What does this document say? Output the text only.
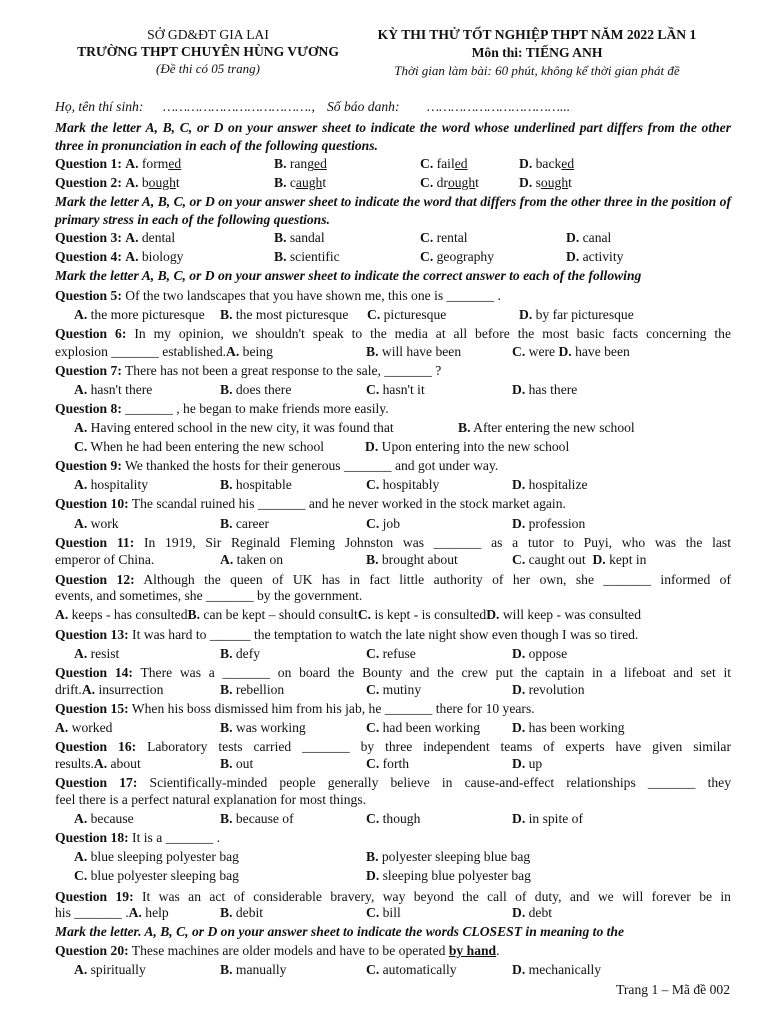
SỞ GD&ĐT GIA LAI
TRƯỜNG THPT CHUYÊN HÙNG VƯƠNG
(Đề thi có 05 trang)
KỲ THI THỬ TỐT NGHIỆP THPT NĂM 2022 LẦN 1
Môn thi: TIẾNG ANH
Thời gian làm bài: 60 phút, không kể thời gian phát đề
Họ, tên thí sinh: ………………………………., Số báo danh: ……………………………...
Mark the letter A, B, C, or D on your answer sheet to indicate the word whose underlined part differs from the other three in pronunciation in each of the following questions.
Question 1: A. formed	B. ranged	C. failed	D. backed
Question 2: A. bought	B. caught	C. drought	D. sought
Mark the letter A, B, C, or D on your answer sheet to indicate the word that differs from the other three in the position of primary stress in each of the following questions.
Question 3: A. dental	B. sandal	C. rental	D. canal
Question 4: A. biology	B. scientific	C. geography	D. activity
Mark the letter A, B, C, or D on your answer sheet to indicate the correct answer to each of the following
Question 5: Of the two landscapes that you have shown me, this one is _______ .
A. the more picturesque B. the most picturesque C. picturesque	D. by far picturesque
Question 6: In my opinion, we shouldn't speak to the media at all before the most basic facts concerning the
explosion _______ established.A. being	B. will have been	C. were D. have been
Question 7: There has not been a great response to the sale, _______ ?
A. hasn't there	B. does there	C. hasn't it	D. has there
Question 8: _______ , he began to make friends more easily.
A. Having entered school in the new city, it was found that	B. After entering the new school
C. When he had been entering the new school	D. Upon entering into the new school
Question 9: We thanked the hosts for their generous _______ and got under way.
A. hospitality	B. hospitable	C. hospitably	D. hospitalize
Question 10: The scandal ruined his _______ and he never worked in the stock market again.
A. work	B. career	C. job	D. profession
Question 11: In 1919, Sir Reginald Fleming Johnston was _______ as a tutor to Puyi, who was the last
emperor of China.	A. taken on	B. brought about	C. caught out D. kept in
Question 12: Although the queen of UK has in fact little authority of her own, she _______ informed of
events, and sometimes, she _______ by the government.
A. keeps - has consultedB. can be kept – should consultC. is kept - is consultedD. will keep - was consulted
Question 13: It was hard to ______ the temptation to watch the late night show even though I was so tired.
A. resist	B. defy	C. refuse	D. oppose
Question 14: There was a _______ on board the Bounty and the crew put the captain in a lifeboat and set it
drift.A. insurrection	B. rebellion	C. mutiny	D. revolution
Question 15: When his boss dismissed him from his jab, he _______ there for 10 years.
A. worked	B. was working	C. had been working D. has been working
Question 16: Laboratory tests carried _______ by three independent teams of experts have given similar
results.A. about	B. out	C. forth	D. up
Question 17: Scientifically-minded people generally believe in cause-and-effect relationships _______ they
feel there is a perfect natural explanation for most things.
A. because	B. because of	C. though	D. in spite of
Question 18: It is a _______ .
A. blue sleeping polyester bag	B. polyester sleeping blue bag
C. blue polyester sleeping bag	D. sleeping blue polyester bag
Question 19: It was an act of considerable bravery, way beyond the call of duty, and we will forever be in
his _______ .A. help	B. debit	C. bill	D. debt
Mark the letter. A, B, C, or D on your answer sheet to indicate the words CLOSEST in meaning to the
Question 20: These machines are older models and have to be operated by hand.
A. spiritually	B. manually	C. automatically	D. mechanically
Trang 1 – Mã đề 002
